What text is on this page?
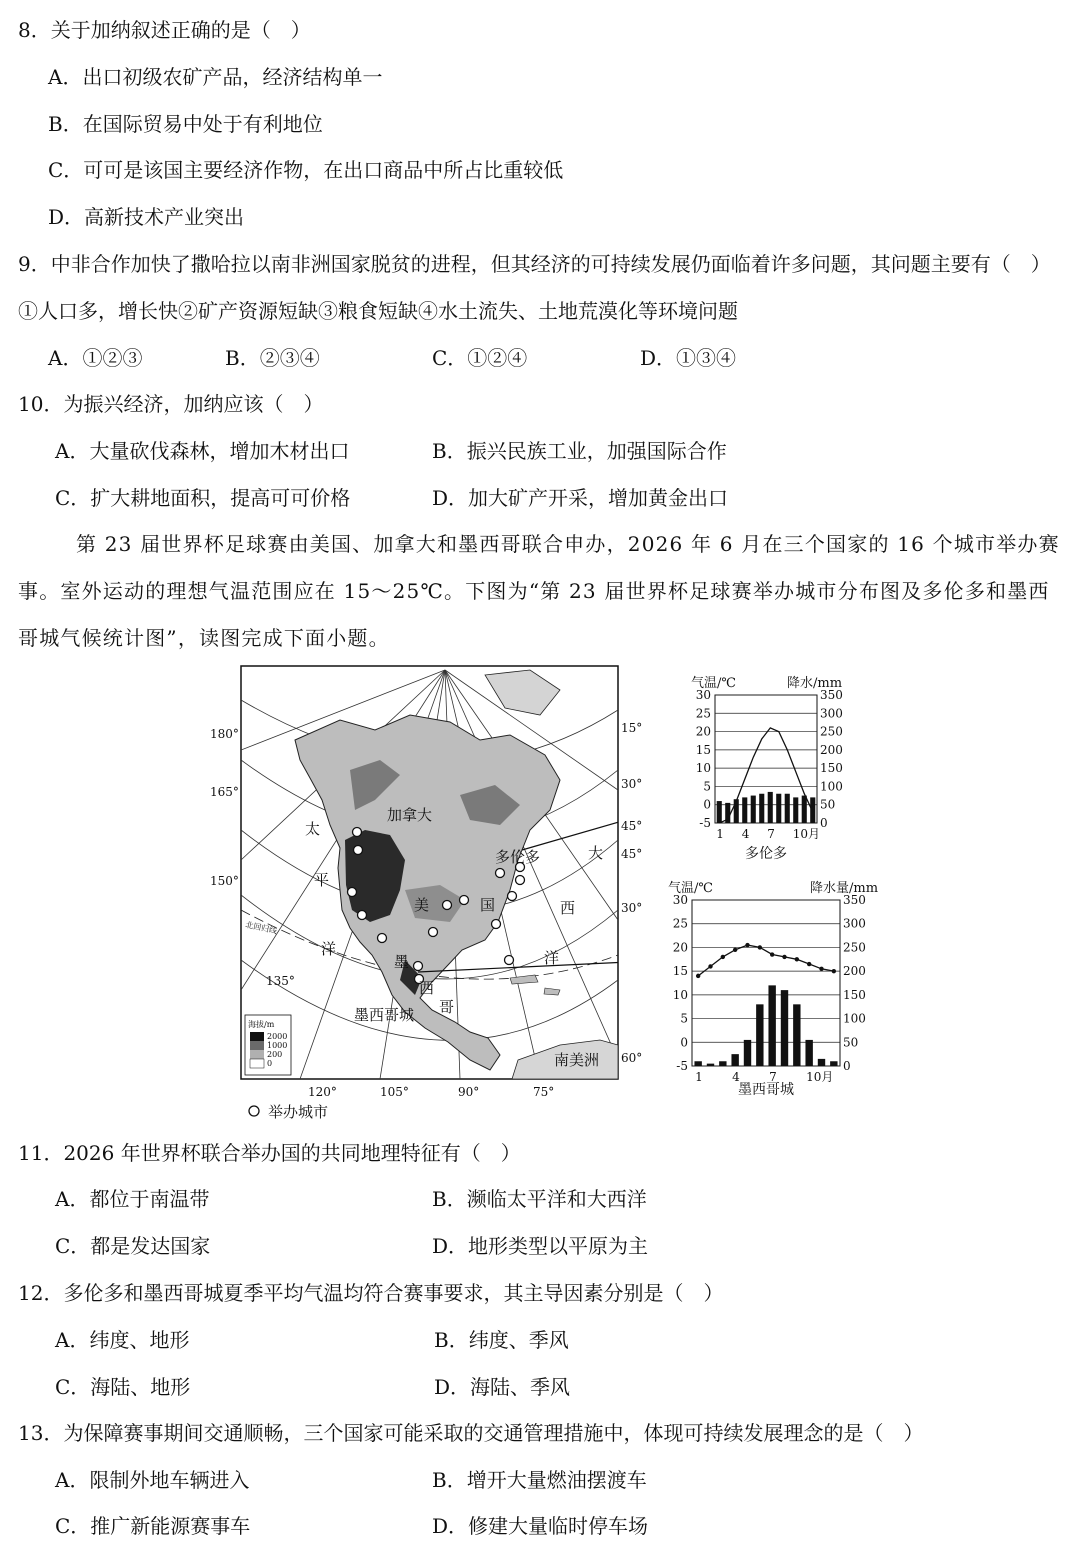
8．关于加纳叙述正确的是（　）
A．出口初级农矿产品，经济结构单一
B．在国际贸易中处于有利地位
C．可可是该国主要经济作物，在出口商品中所占比重较低
D．高新技术产业突出
9．中非合作加快了撒哈拉以南非洲国家脱贫的进程，但其经济的可持续发展仍面临着许多问题，其问题主要有（　）
①人口多，增长快②矿产资源短缺③粮食短缺④水土流失、土地荒漠化等环境问题
A．①②③	B．②③④	C．①②④	D．①③④
10．为振兴经济，加纳应该（　）
A．大量砍伐森林，增加木材出口	B．振兴民族工业，加强国际合作
C．扩大耕地面积，提高可可价格	D．加大矿产开采，增加黄金出口
第 23 届世界杯足球赛由美国、加拿大和墨西哥联合申办，2026 年 6 月在三个国家的 16 个城市举办赛事。室外运动的理想气温范围应在 15～25℃。下图为“第 23 届世界杯足球赛举办城市分布图及多伦多和墨西哥城气候统计图”，读图完成下面小题。
加拿大
多伦多
美	国
墨
西
哥
墨西哥城
太
平
洋
大
西
洋
南美洲
北回归线
120°	105°	90°	75°
180°
165°
150°
135°
15°
30°
45°
45°
30°
60°
海拔/m
2000
1000
200
0
举办城市
30
25
20
15
10
5
0
-5
350
300
250
200
150
100
50
0
气温/℃	降水/mm
1 4 7 10月
多伦多
30
25
20
15
10
5
0
-5
350
300
250
200
150
100
50
0
气温/℃	降水量/mm
1 4 7 10月
墨西哥城
11．2026 年世界杯联合举办国的共同地理特征有（　）
A．都位于南温带	B．濒临太平洋和大西洋
C．都是发达国家	D．地形类型以平原为主
12．多伦多和墨西哥城夏季平均气温均符合赛事要求，其主导因素分别是（　）
A．纬度、地形	B．纬度、季风
C．海陆、地形	D．海陆、季风
13．为保障赛事期间交通顺畅，三个国家可能采取的交通管理措施中，体现可持续发展理念的是（　）
A．限制外地车辆进入	B．增开大量燃油摆渡车
C．推广新能源赛事车	D．修建大量临时停车场
